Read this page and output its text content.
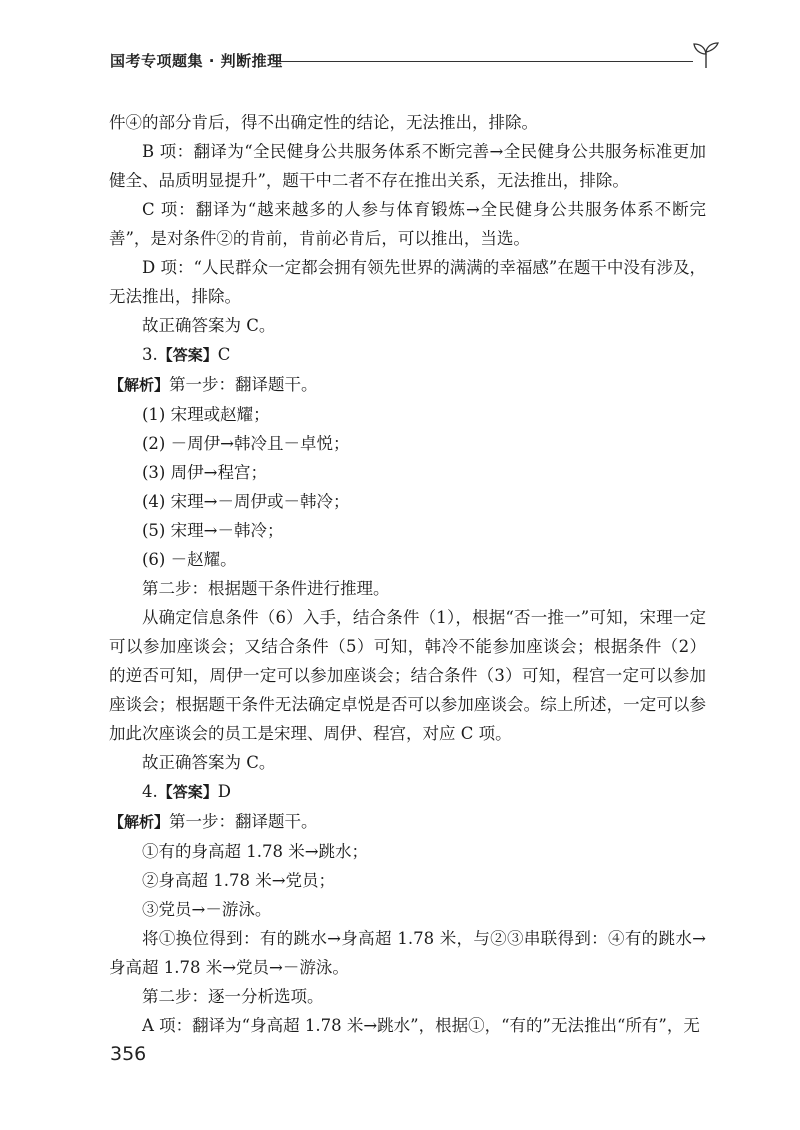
国考专项题集 · 判断推理

件④的部分肯后，得不出确定性的结论，无法推出，排除。

B 项：翻译为“全民健身公共服务体系不断完善→全民健身公共服务标准更加健全、品质明显提升”，题干中二者不存在推出关系，无法推出，排除。

C 项：翻译为“越来越多的人参与体育锻炼→全民健身公共服务体系不断完善”，是对条件②的肯前，肯前必肯后，可以推出，当选。

D 项：“人民群众一定都会拥有领先世界的满满的幸福感”在题干中没有涉及，无法推出，排除。

故正确答案为 C。

3.【答案】C

【解析】第一步：翻译题干。

(1) 宋理或赵耀；

(2) －周伊→韩冷且－卓悦；

(3) 周伊→程宫；

(4) 宋理→－周伊或－韩冷；

(5) 宋理→－韩冷；

(6) －赵耀。

第二步：根据题干条件进行推理。

从确定信息条件（6）入手，结合条件（1），根据“否一推一”可知，宋理一定可以参加座谈会；又结合条件（5）可知，韩冷不能参加座谈会；根据条件（2）的逆否可知，周伊一定可以参加座谈会；结合条件（3）可知，程宫一定可以参加座谈会；根据题干条件无法确定卓悦是否可以参加座谈会。综上所述，一定可以参加此次座谈会的员工是宋理、周伊、程宫，对应 C 项。

故正确答案为 C。

4.【答案】D

【解析】第一步：翻译题干。

①有的身高超 1.78 米→跳水；

②身高超 1.78 米→党员；

③党员→－游泳。

将①换位得到：有的跳水→身高超 1.78 米，与②③串联得到：④有的跳水→身高超 1.78 米→党员→－游泳。

第二步：逐一分析选项。

A 项：翻译为“身高超 1.78 米→跳水”，根据①，“有的”无法推出“所有”，无

356
